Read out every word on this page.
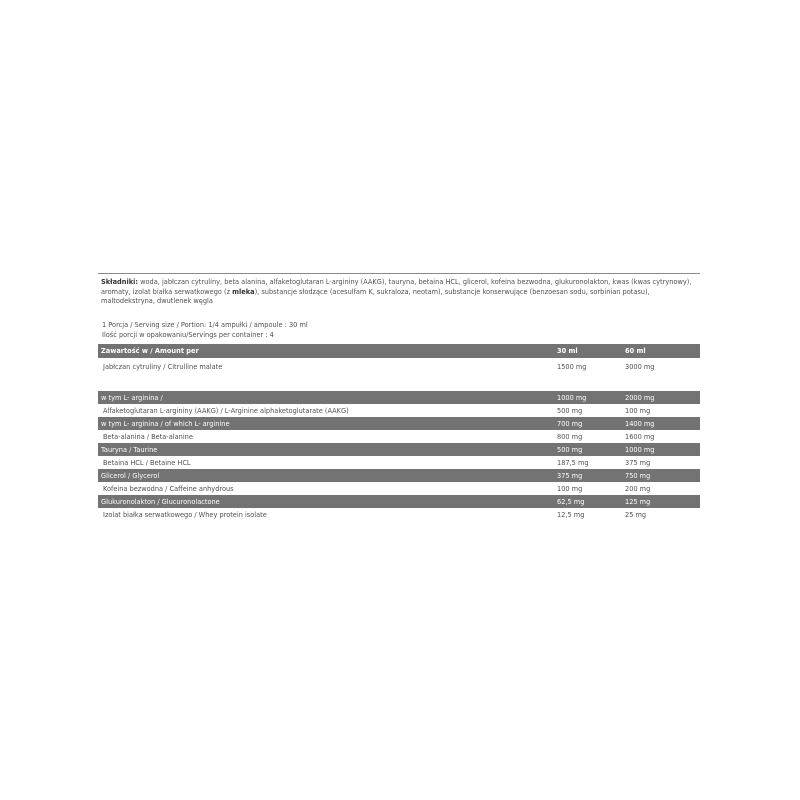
Składniki: woda, jabłczan cytruliny, beta alanina, alfaketoglutaran L-argininy (AAKG), tauryna, betaina HCL, glicerol, kofeina bezwodna, glukuronolakton, kwas (kwas cytrynowy), aromaty, izolat białka serwatkowego (z mleka), substancje słodzące (acesulfam K, sukraloza, neotam), substancje konserwujące (benzoesan sodu, sorbinian potasu), maltodekstryna, dwutlenek węgla
1 Porcja / Serving size / Portion: 1/4 ampułki / ampoule : 30 ml
Ilość porcji w opakowaniu/Servings per container : 4
Zawartość w / Amount per	30 ml	60 ml
Jabłczan cytruliny / Citrulline malate	1500 mg	3000 mg

w tym L- arginina /	1000 mg	2000 mg
Alfaketoglutaran L-argininy (AAKG) / L-Arginine alphaketoglutarate (AAKG)	500 mg	100 mg
w tym L- arginina / of which L- arginine	700 mg	1400 mg
Beta-alanina / Beta-alanine	800 mg	1600 mg
Tauryna / Taurine	500 mg	1000 mg
Betaina HCL / Betaine HCL	187,5 mg	375 mg
Glicerol / Glycerol	375 mg	750 mg
Kofeina bezwodna / Caffeine anhydrous	100 mg	200 mg
Glukuronolakton / Glucuronolactone	62,5 mg	125 mg
Izolat białka serwatkowego / Whey protein isolate	12,5 mg	25 mg
